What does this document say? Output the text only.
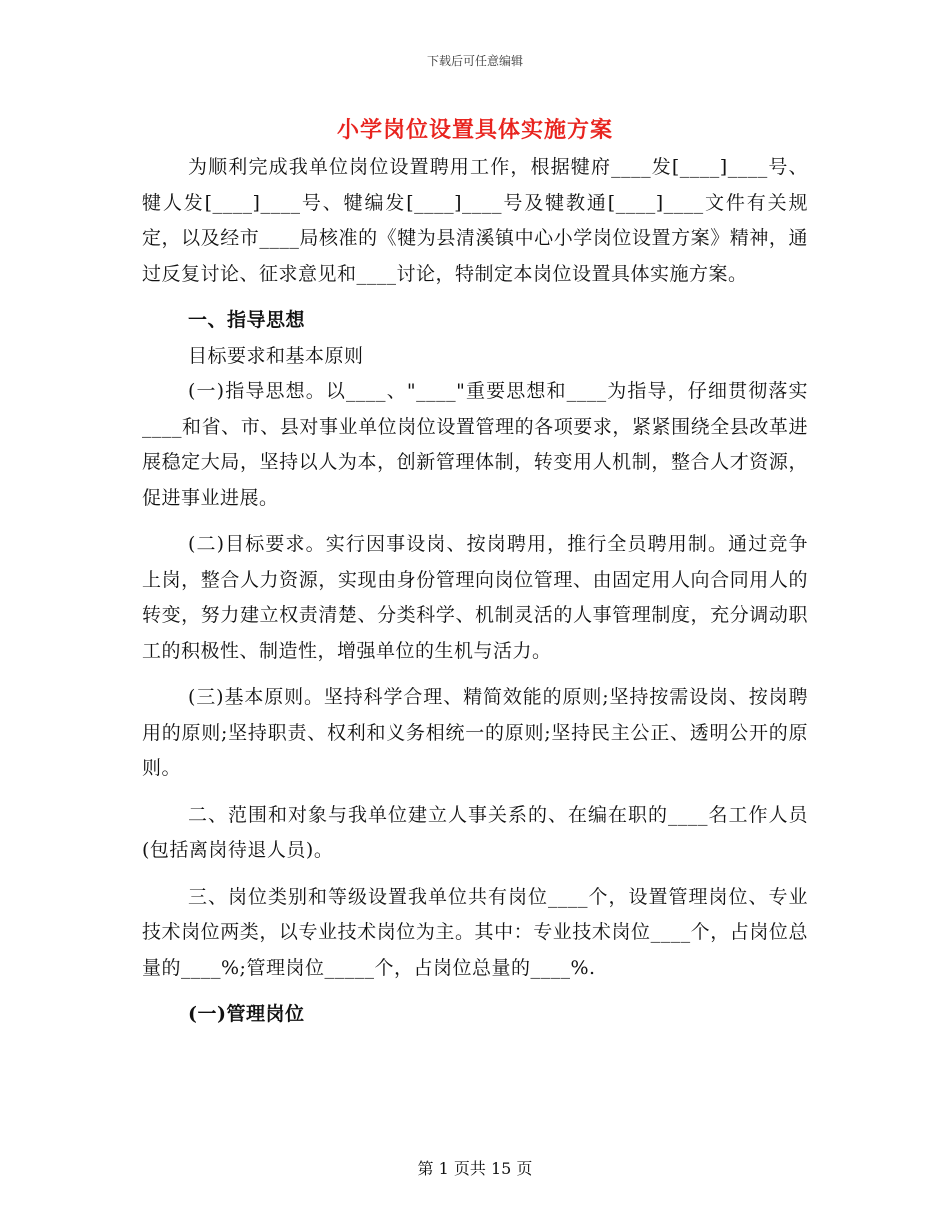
下载后可任意编辑
小学岗位设置具体实施方案

为顺利完成我单位岗位设置聘用工作，根据犍府____发[____]____号、犍人发[____]____号、犍编发[____]____号及犍教通[____]____文件有关规定，以及经市____局核准的《犍为县清溪镇中心小学岗位设置方案》精神，通过反复讨论、征求意见和____讨论，特制定本岗位设置具体实施方案。

一、指导思想

目标要求和基本原则

(一)指导思想。以____、"____"重要思想和____为指导，仔细贯彻落实____和省、市、县对事业单位岗位设置管理的各项要求，紧紧围绕全县改革进展稳定大局，坚持以人为本，创新管理体制，转变用人机制，整合人才资源，促进事业进展。

(二)目标要求。实行因事设岗、按岗聘用，推行全员聘用制。通过竞争上岗，整合人力资源，实现由身份管理向岗位管理、由固定用人向合同用人的转变，努力建立权责清楚、分类科学、机制灵活的人事管理制度，充分调动职工的积极性、制造性，增强单位的生机与活力。

(三)基本原则。坚持科学合理、精简效能的原则;坚持按需设岗、按岗聘用的原则;坚持职责、权利和义务相统一的原则;坚持民主公正、透明公开的原则。

二、范围和对象与我单位建立人事关系的、在编在职的____名工作人员(包括离岗待退人员)。

三、岗位类别和等级设置我单位共有岗位____个，设置管理岗位、专业技术岗位两类，以专业技术岗位为主。其中：专业技术岗位____个，占岗位总量的____%;管理岗位_____个，占岗位总量的____%.

(一)管理岗位

第 1 页共 15 页
